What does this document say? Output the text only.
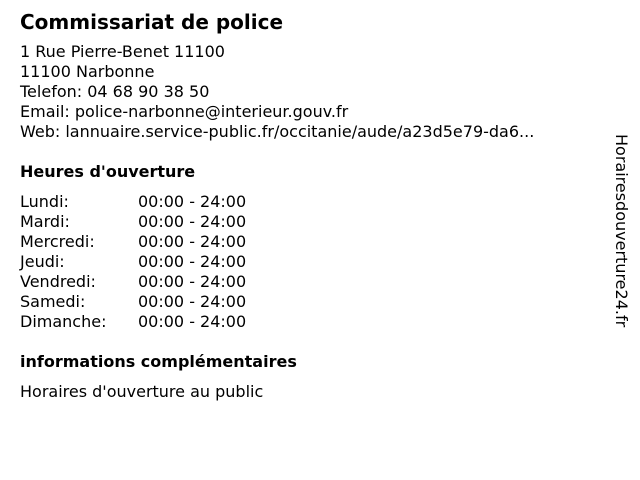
Commissariat de police
1 Rue Pierre-Benet 11100
11100 Narbonne
Telefon: 04 68 90 38 50
Email: police-narbonne@interieur.gouv.fr
Web: lannuaire.service-public.fr/occitanie/aude/a23d5e79-da6...
Heures d'ouverture
Lundi:	00:00 - 24:00
Mardi:	00:00 - 24:00
Mercredi:	00:00 - 24:00
Jeudi:	00:00 - 24:00
Vendredi:	00:00 - 24:00
Samedi:	00:00 - 24:00
Dimanche:	00:00 - 24:00
informations complémentaires
Horaires d'ouverture au public
Horairesdouverture24.fr
